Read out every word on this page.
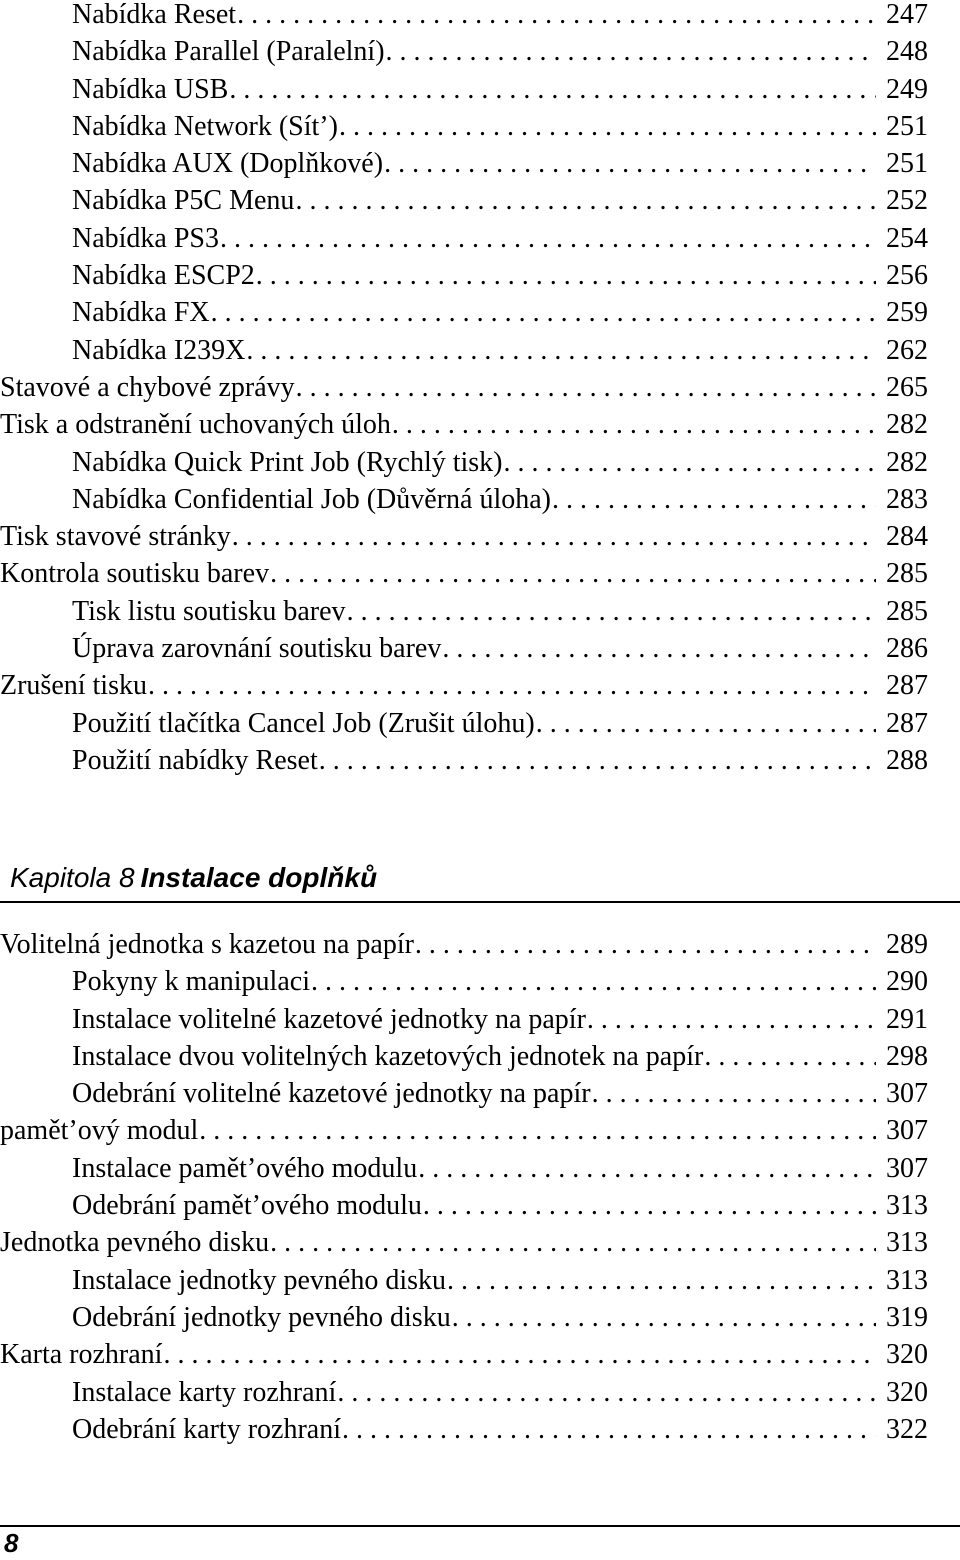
Nabídka Reset . . .	247
Nabídka Parallel (Paralelní) . . .	248
Nabídka USB . . .	249
Nabídka Network (Sít’) . . .	251
Nabídka AUX (Doplňkové) . . .	251
Nabídka P5C Menu . . .	252
Nabídka PS3 . . .	254
Nabídka ESCP2 . . .	256
Nabídka FX . . .	259
Nabídka I239X . . .	262
Stavové a chybové zprávy . . .	265
Tisk a odstranění uchovaných úloh . . .	282
Nabídka Quick Print Job (Rychlý tisk) . . .	282
Nabídka Confidential Job (Důvěrná úloha) . . .	283
Tisk stavové stránky . . .	284
Kontrola soutisku barev . . .	285
Tisk listu soutisku barev . . .	285
Úprava zarovnání soutisku barev . . .	286
Zrušení tisku . . .	287
Použití tlačítka Cancel Job (Zrušit úlohu) . . .	287
Použití nabídky Reset . . .	288
Kapitola 8 Instalace doplňků
Volitelná jednotka s kazetou na papír . . .	289
Pokyny k manipulaci . . .	290
Instalace volitelné kazetové jednotky na papír . . .	291
Instalace dvou volitelných kazetových jednotek na papír . . .	298
Odebrání volitelné kazetové jednotky na papír . . .	307
pamět’ový modul . . .	307
Instalace pamět’ového modulu . . .	307
Odebrání pamět’ového modulu . . .	313
Jednotka pevného disku . . .	313
Instalace jednotky pevného disku . . .	313
Odebrání jednotky pevného disku . . .	319
Karta rozhraní . . .	320
Instalace karty rozhraní . . .	320
Odebrání karty rozhraní . . .	322
8
